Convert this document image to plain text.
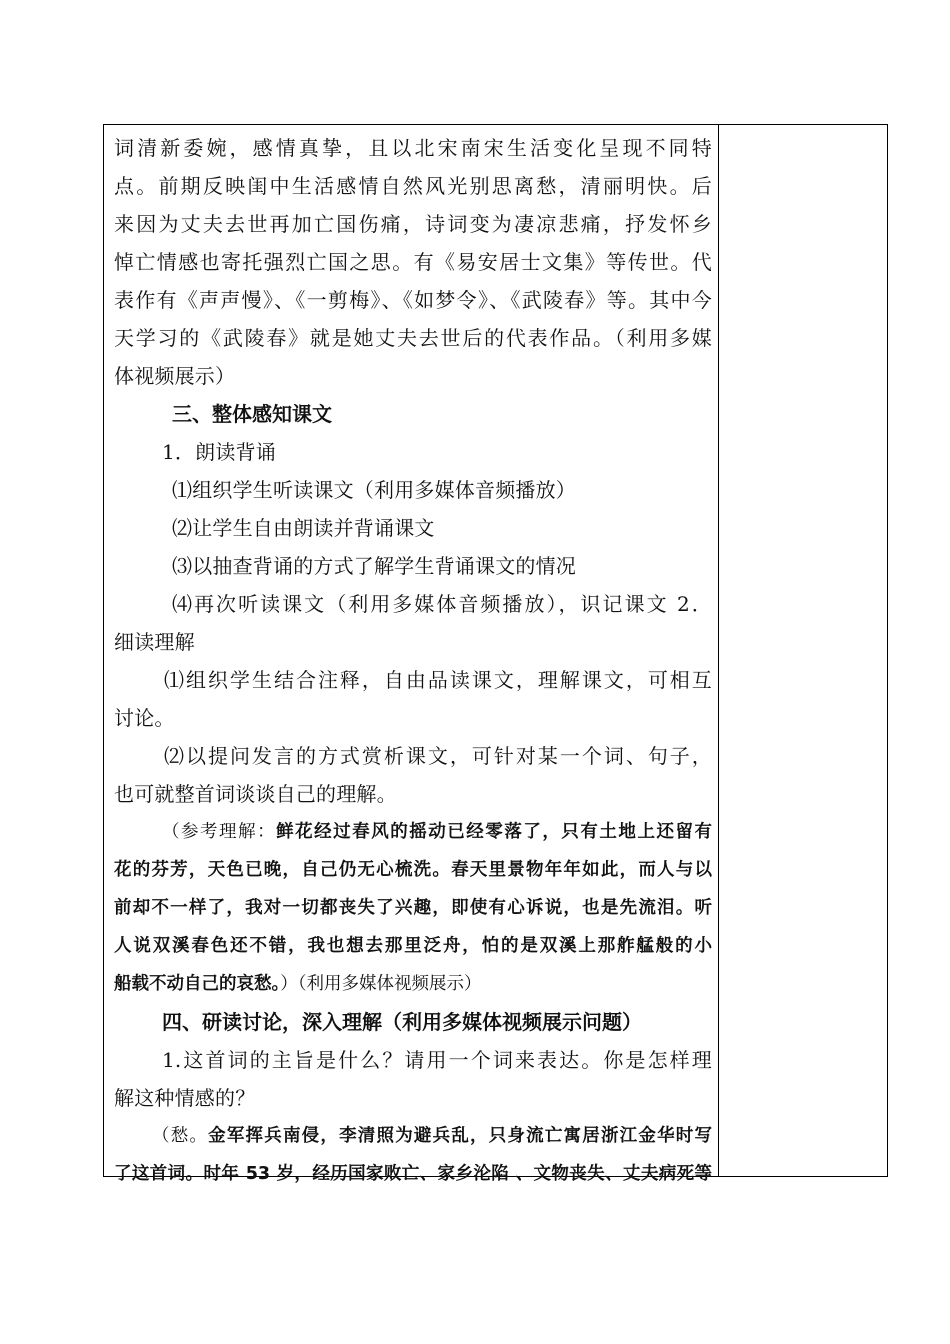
词清新委婉，感情真挚，且以北宋南宋生活变化呈现不同特

点。前期反映闺中生活感情自然风光别思离愁，清丽明快。后

来因为丈夫去世再加亡国伤痛，诗词变为凄凉悲痛，抒发怀乡

悼亡情感也寄托强烈亡国之思。有《易安居士文集》等传世。代

表作有《声声慢》、《一剪梅》、《如梦令》、《武陵春》等。其中今

天学习的《武陵春》就是她丈夫去世后的代表作品。（利用多媒

体视频展示）

三、整体感知课文

1．朗读背诵

⑴组织学生听读课文（利用多媒体音频播放）

⑵让学生自由朗读并背诵课文

⑶以抽查背诵的方式了解学生背诵课文的情况

⑷再次听读课文（利用多媒体音频播放），识记课文 2．

细读理解

⑴组织学生结合注释，自由品读课文，理解课文，可相互

讨论。

⑵以提问发言的方式赏析课文，可针对某一个词、句子，

也可就整首词谈谈自己的理解。

（参考理解：鲜花经过春风的摇动已经零落了，只有土地上还留有

花的芬芳，天色已晚，自己仍无心梳洗。春天里景物年年如此，而人与以

前却不一样了，我对一切都丧失了兴趣，即使有心诉说，也是先流泪。听

人说双溪春色还不错，我也想去那里泛舟，怕的是双溪上那舴艋般的小

船载不动自己的哀愁。）（利用多媒体视频展示）

四、研读讨论，深入理解（利用多媒体视频展示问题）

1.这首词的主旨是什么？请用一个词来表达。你是怎样理

解这种情感的？

（愁。金军挥兵南侵，李清照为避兵乱，只身流亡寓居浙江金华时写

了这首词。时年 53 岁，经历国家败亡、家乡沦陷 、文物丧失、丈夫病死等
